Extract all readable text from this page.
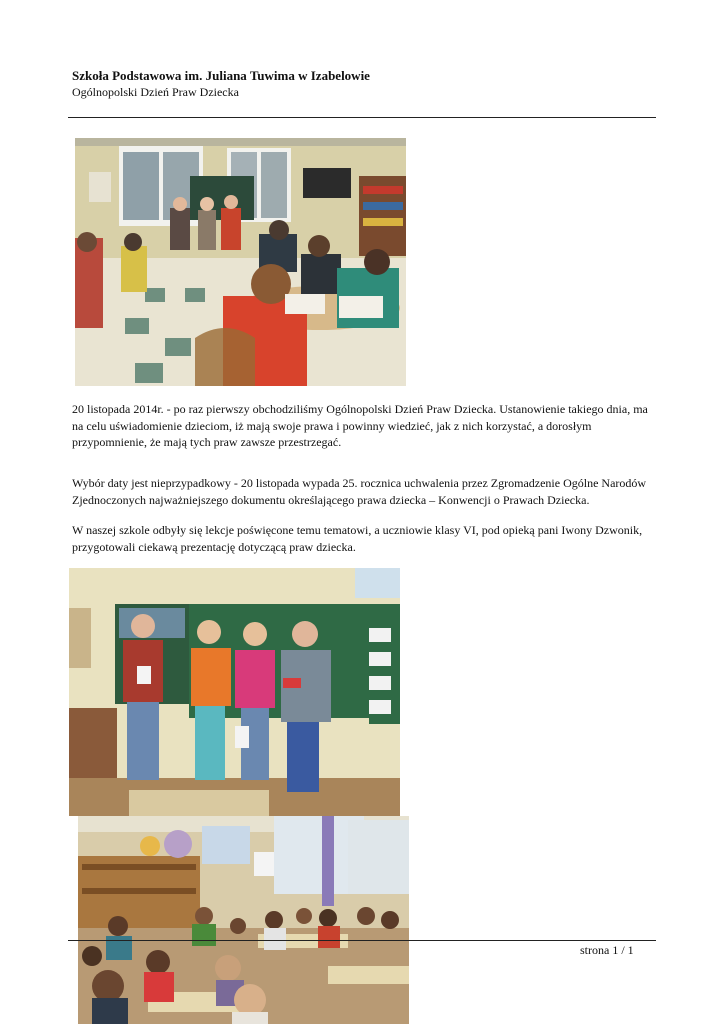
Szkoła Podstawowa im. Juliana Tuwima w Izabelowie
Ogólnopolski Dzień Praw Dziecka
20 listopada 2014r. - po raz pierwszy obchodziliśmy Ogólnopolski Dzień Praw Dziecka. Ustanowienie takiego dnia, ma na celu uświadomienie dzieciom, iż mają swoje prawa i powinny wiedzieć, jak z nich korzystać, a dorosłym przypomnienie, że mają tych praw zawsze przestrzegać.
Wybór daty jest nieprzypadkowy - 20 listopada wypada 25. rocznica uchwalenia przez Zgromadzenie Ogólne Narodów Zjednoczonych najważniejszego dokumentu określającego prawa dziecka – Konwencji o Prawach Dziecka.
W naszej szkole odbyły się lekcje poświęcone temu tematowi, a uczniowie klasy VI, pod opieką pani Iwony Dzwonik, przygotowali ciekawą prezentację dotyczącą praw dziecka.
strona 1 / 1
